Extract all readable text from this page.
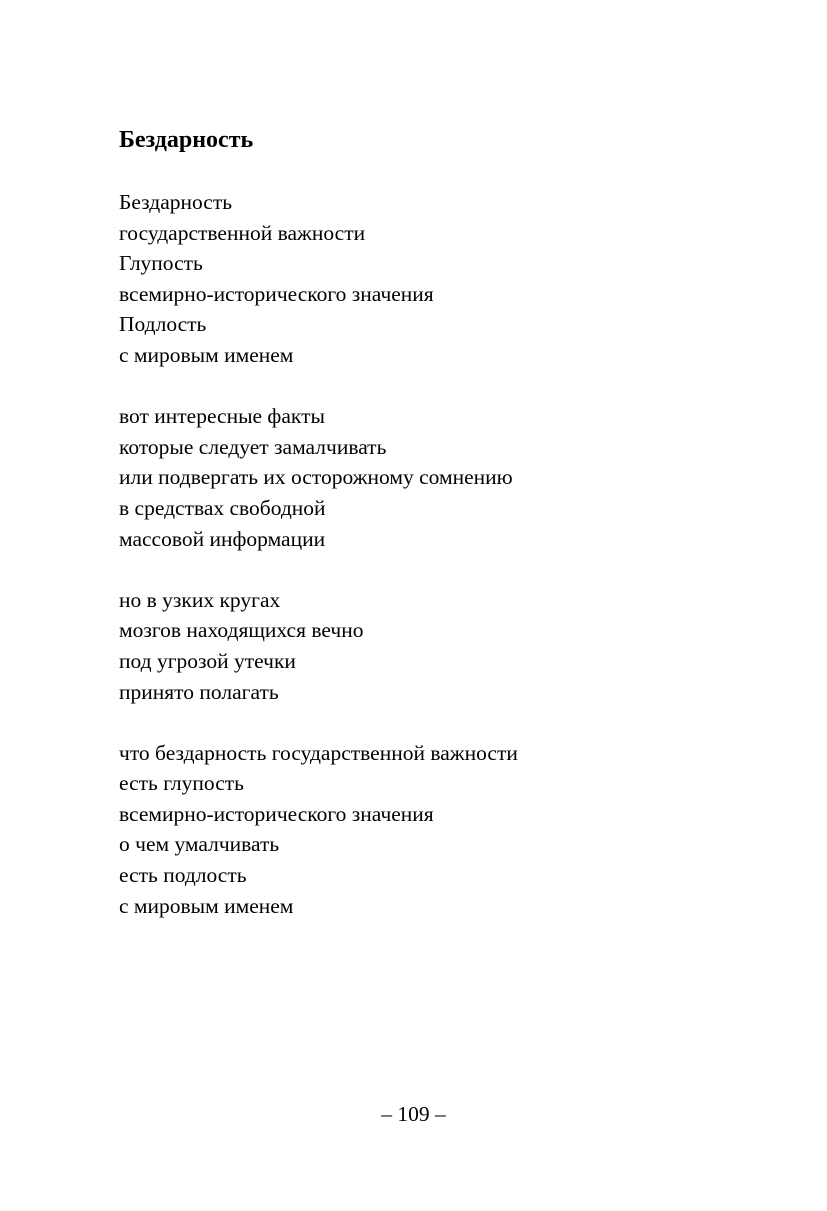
Бездарность
Бездарность
государственной важности
Глупость
всемирно-исторического значения
Подлость
с мировым именем
вот интересные факты
которые следует замалчивать
или подвергать их осторожному сомнению
в средствах свободной
массовой информации
но в узких кругах
мозгов находящихся вечно
под угрозой утечки
принято полагать
что бездарность государственной важности
есть глупость
всемирно-исторического значения
о чем умалчивать
есть подлость
с мировым именем
– 109 –
